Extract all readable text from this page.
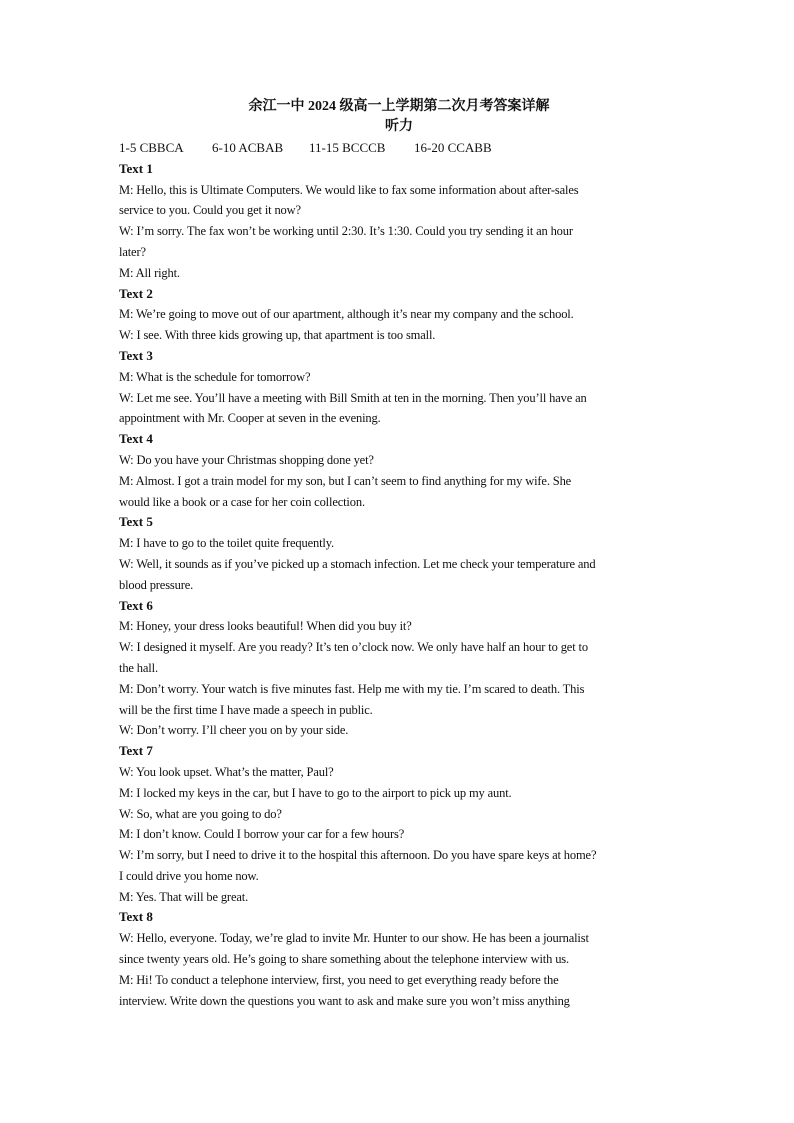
余江一中 2024 级高一上学期第二次月考答案详解
听力
1-5 CBBCA 6-10 ACBAB 11-15 BCCCB 16-20 CCABB
Text 1
M: Hello, this is Ultimate Computers. We would like to fax some information about after-sales
service to you. Could you get it now?
W: I’m sorry. The fax won’t be working until 2:30. It’s 1:30. Could you try sending it an hour
later?
M: All right.
Text 2
M: We’re going to move out of our apartment, although it’s near my company and the school.
W: I see. With three kids growing up, that apartment is too small.
Text 3
M: What is the schedule for tomorrow?
W: Let me see. You’ll have a meeting with Bill Smith at ten in the morning. Then you’ll have an
appointment with Mr. Cooper at seven in the evening.
Text 4
W: Do you have your Christmas shopping done yet?
M: Almost. I got a train model for my son, but I can’t seem to find anything for my wife. She
would like a book or a case for her coin collection.
Text 5
M: I have to go to the toilet quite frequently.
W: Well, it sounds as if you’ve picked up a stomach infection. Let me check your temperature and
blood pressure.
Text 6
M: Honey, your dress looks beautiful! When did you buy it?
W: I designed it myself. Are you ready? It’s ten o’clock now. We only have half an hour to get to
the hall.
M: Don’t worry. Your watch is five minutes fast. Help me with my tie. I’m scared to death. This
will be the first time I have made a speech in public.
W: Don’t worry. I’ll cheer you on by your side.
Text 7
W: You look upset. What’s the matter, Paul?
M: I locked my keys in the car, but I have to go to the airport to pick up my aunt.
W: So, what are you going to do?
M: I don’t know. Could I borrow your car for a few hours?
W: I’m sorry, but I need to drive it to the hospital this afternoon. Do you have spare keys at home?
I could drive you home now.
M: Yes. That will be great.
Text 8
W: Hello, everyone. Today, we’re glad to invite Mr. Hunter to our show. He has been a journalist
since twenty years old. He’s going to share something about the telephone interview with us.
M: Hi! To conduct a telephone interview, first, you need to get everything ready before the
interview. Write down the questions you want to ask and make sure you won’t miss anything
